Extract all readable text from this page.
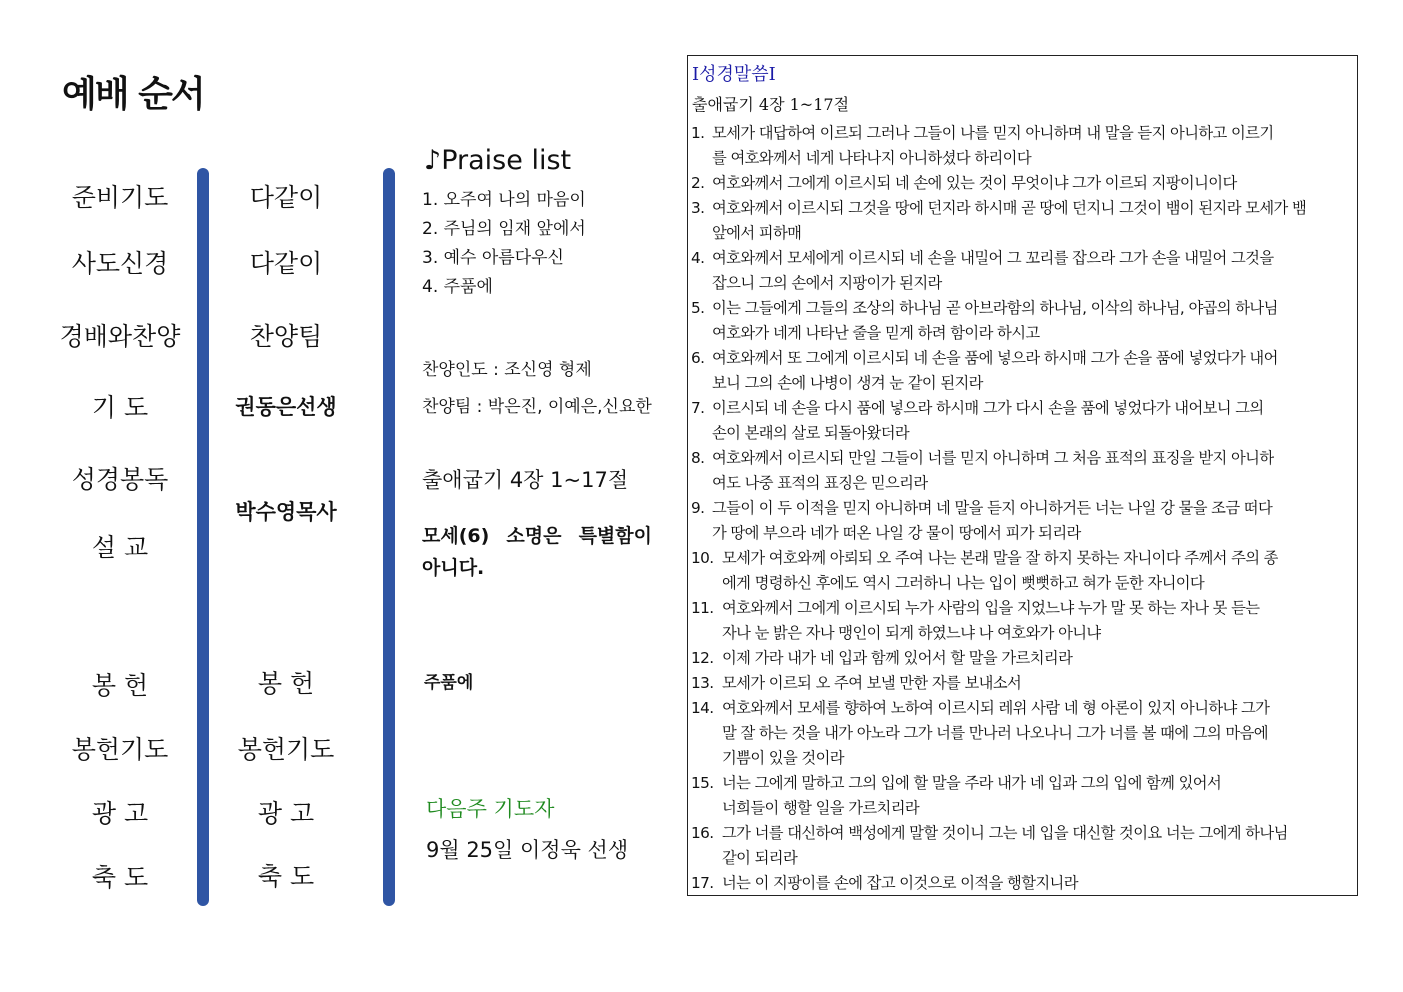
예배 순서
준비기도
사도신경
경배와찬양
기 도
성경봉독
설 교
봉 헌
봉헌기도
광 고
축 도
다같이
다같이
찬양팀
권동은선생
박수영목사
봉 헌
봉헌기도
광 고
축 도
♪Praise list
1. 오주여 나의 마음이
2. 주님의 임재 앞에서
3. 예수 아름다우신
4. 주품에
찬양인도 : 조신영 형제
찬양팀 : 박은진, 이예은,신요한
출애굽기 4장 1~17절
모세(6) 소명은 특별함이 아니다.
주품에
다음주 기도자
9월 25일 이정욱 선생
I성경말씀I
출애굽기 4장 1~17절
1. 모세가 대답하여 이르되 그러나 그들이 나를 믿지 아니하며 내 말을 듣지 아니하고 이르기
를 여호와께서 네게 나타나지 아니하셨다 하리이다
2. 여호와께서 그에게 이르시되 네 손에 있는 것이 무엇이냐 그가 이르되 지팡이니이다
3. 여호와께서 이르시되 그것을 땅에 던지라 하시매 곧 땅에 던지니 그것이 뱀이 된지라 모세가 뱀
앞에서 피하매
4. 여호와께서 모세에게 이르시되 네 손을 내밀어 그 꼬리를 잡으라 그가 손을 내밀어 그것을
잡으니 그의 손에서 지팡이가 된지라
5. 이는 그들에게 그들의 조상의 하나님 곧 아브라함의 하나님, 이삭의 하나님, 야곱의 하나님
여호와가 네게 나타난 줄을 믿게 하려 함이라 하시고
6. 여호와께서 또 그에게 이르시되 네 손을 품에 넣으라 하시매 그가 손을 품에 넣었다가 내어
보니 그의 손에 나병이 생겨 눈 같이 된지라
7. 이르시되 네 손을 다시 품에 넣으라 하시매 그가 다시 손을 품에 넣었다가 내어보니 그의
손이 본래의 살로 되돌아왔더라
8. 여호와께서 이르시되 만일 그들이 너를 믿지 아니하며 그 처음 표적의 표징을 받지 아니하
여도 나중 표적의 표징은 믿으리라
9. 그들이 이 두 이적을 믿지 아니하며 네 말을 듣지 아니하거든 너는 나일 강 물을 조금 떠다
가 땅에 부으라 네가 떠온 나일 강 물이 땅에서 피가 되리라
10. 모세가 여호와께 아뢰되 오 주여 나는 본래 말을 잘 하지 못하는 자니이다 주께서 주의 종
에게 명령하신 후에도 역시 그러하니 나는 입이 뻣뻣하고 혀가 둔한 자니이다
11. 여호와께서 그에게 이르시되 누가 사람의 입을 지었느냐 누가 말 못 하는 자나 못 듣는
자나 눈 밝은 자나 맹인이 되게 하였느냐 나 여호와가 아니냐
12. 이제 가라 내가 네 입과 함께 있어서 할 말을 가르치리라
13. 모세가 이르되 오 주여 보낼 만한 자를 보내소서
14. 여호와께서 모세를 향하여 노하여 이르시되 레위 사람 네 형 아론이 있지 아니하냐 그가
말 잘 하는 것을 내가 아노라 그가 너를 만나러 나오나니 그가 너를 볼 때에 그의 마음에
기쁨이 있을 것이라
15. 너는 그에게 말하고 그의 입에 할 말을 주라 내가 네 입과 그의 입에 함께 있어서
너희들이 행할 일을 가르치리라
16. 그가 너를 대신하여 백성에게 말할 것이니 그는 네 입을 대신할 것이요 너는 그에게 하나님
같이 되리라
17. 너는 이 지팡이를 손에 잡고 이것으로 이적을 행할지니라
